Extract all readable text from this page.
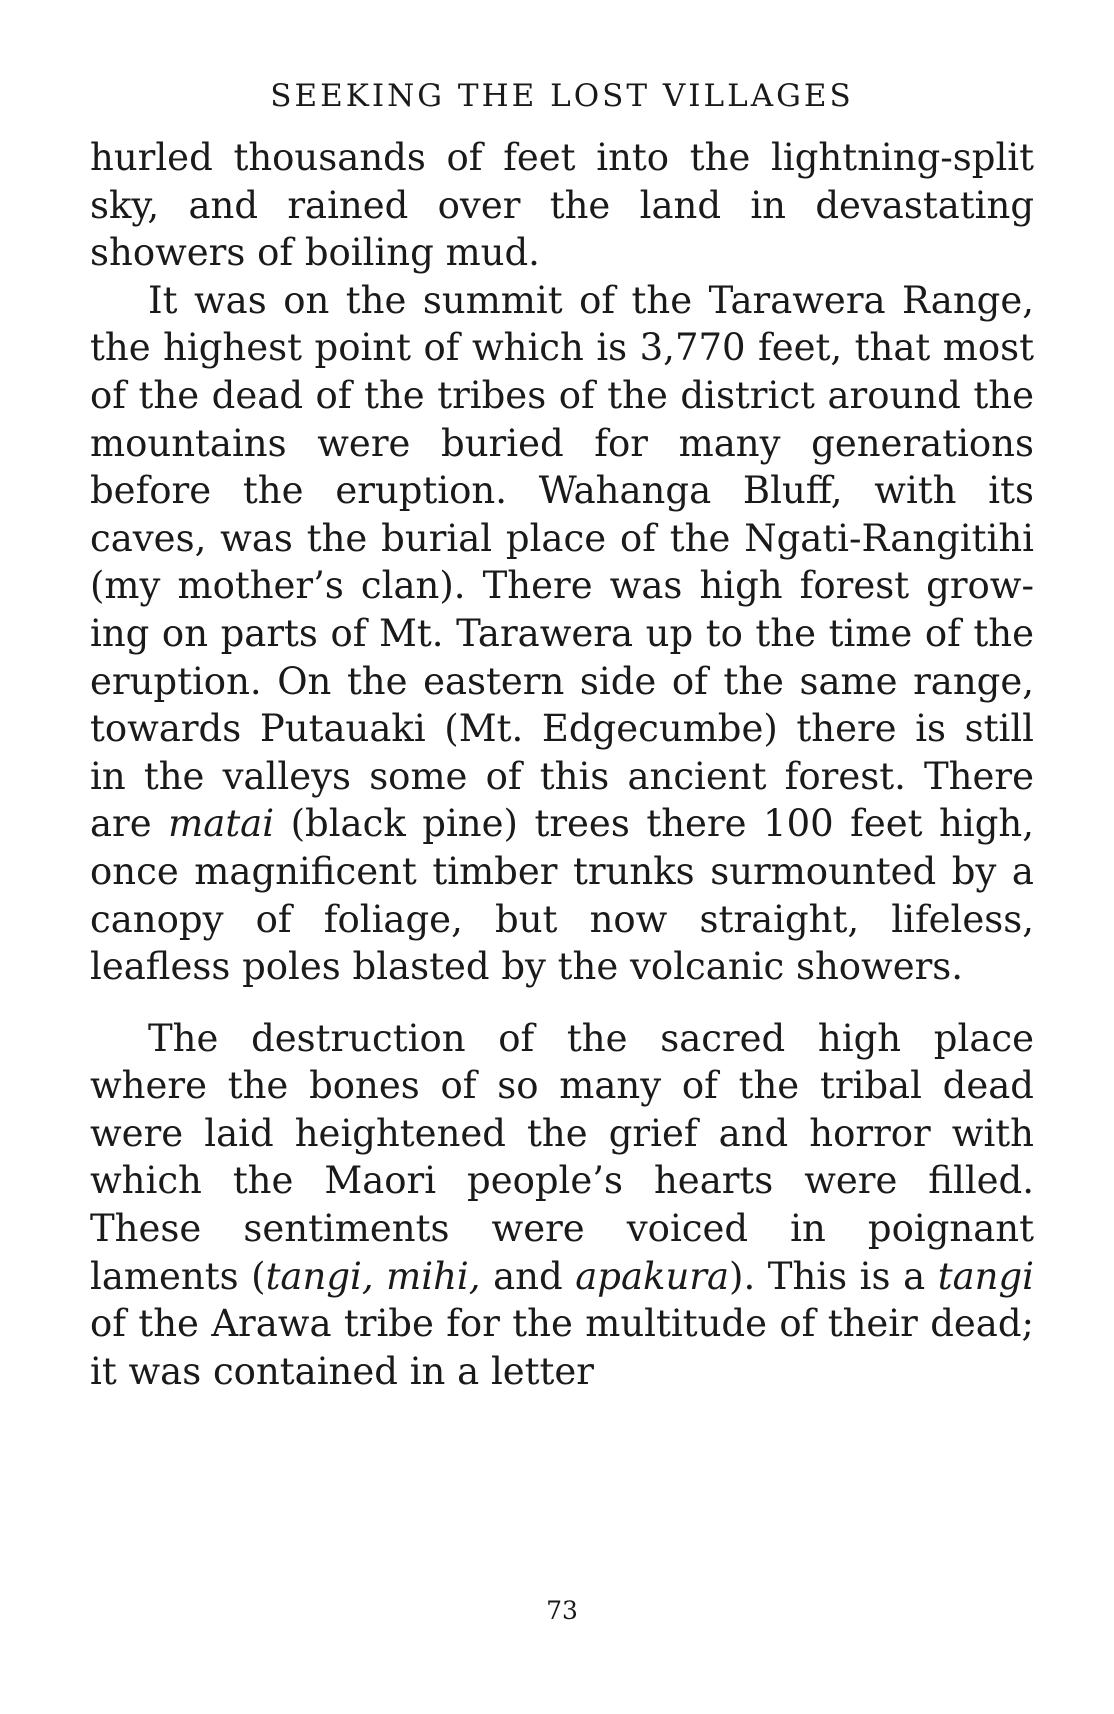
SEEKING THE LOST VILLAGES

hurled thousands of feet into the lightning-split sky, and rained over the land in devastating showers of boiling mud.

It was on the summit of the Tarawera Range, the highest point of which is 3,770 feet, that most of the dead of the tribes of the district around the mountains were buried for many generations before the eruption. Wahanga Bluff, with its caves, was the burial place of the Ngati-Rangitihi (my mother’s clan). There was high forest growing on parts of Mt. Tarawera up to the time of the eruption. On the eastern side of the same range, towards Putauaki (Mt. Edgecumbe) there is still in the valleys some of this ancient forest. There are matai (black pine) trees there 100 feet high, once magnificent timber trunks surmounted by a canopy of foliage, but now straight, lifeless, leafless poles blasted by the volcanic showers.

The destruction of the sacred high place where the bones of so many of the tribal dead were laid heightened the grief and horror with which the Maori people’s hearts were filled. These sentiments were voiced in poignant laments (tangi, mihi, and apakura). This is a tangi of the Arawa tribe for the multitude of their dead; it was contained in a letter

73
